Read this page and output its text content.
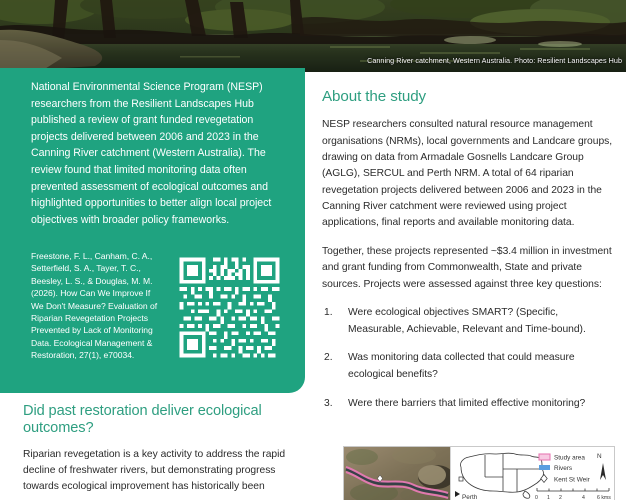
Canning River catchment, Western Australia. Photo: Resilient Landscapes Hub
National Environmental Science Program (NESP) researchers from the Resilient Landscapes Hub published a review of grant funded revegetation projects delivered between 2006 and 2023 in the Canning River catchment (Western Australia). The review found that limited monitoring data often prevented assessment of ecological outcomes and highlighted opportunities to better align local project objectives with broader policy frameworks.
Freestone, F. L., Canham, C. A., Setterfield, S. A., Tayer, T. C., Beesley, L. S., & Douglas, M. M. (2026). How Can We Improve If We Don't Measure? Evaluation of Riparian Revegetation Projects Prevented by Lack of Monitoring Data. Ecological Management & Restoration, 27(1), e70034.
Did past restoration deliver ecological outcomes?

Riparian revegetation is a key activity to address the rapid decline of freshwater rivers, but demonstrating progress towards ecological improvement has historically been

About the study

NESP researchers consulted natural resource management organisations (NRMs), local governments and Landcare groups, drawing on data from Armadale Gosnells Landcare Group (AGLG), SERCUL and Perth NRM. A total of 64 riparian revegetation projects delivered between 2006 and 2023 in the Canning River catchment were reviewed using project applications, final reports and available monitoring data.

Together, these projects represented ~$3.4 million in investment and grant funding from Commonwealth, State and private sources. Projects were assessed against three key questions:

1. Were ecological objectives SMART? (Specific, Measurable, Achievable, Relevant and Time-bound).
2. Was monitoring data collected that could measure ecological benefits?
3. Were there barriers that limited effective monitoring?
Perth
Study area
Rivers
Kent St Weir
N
0 1 2	4 6 kms
